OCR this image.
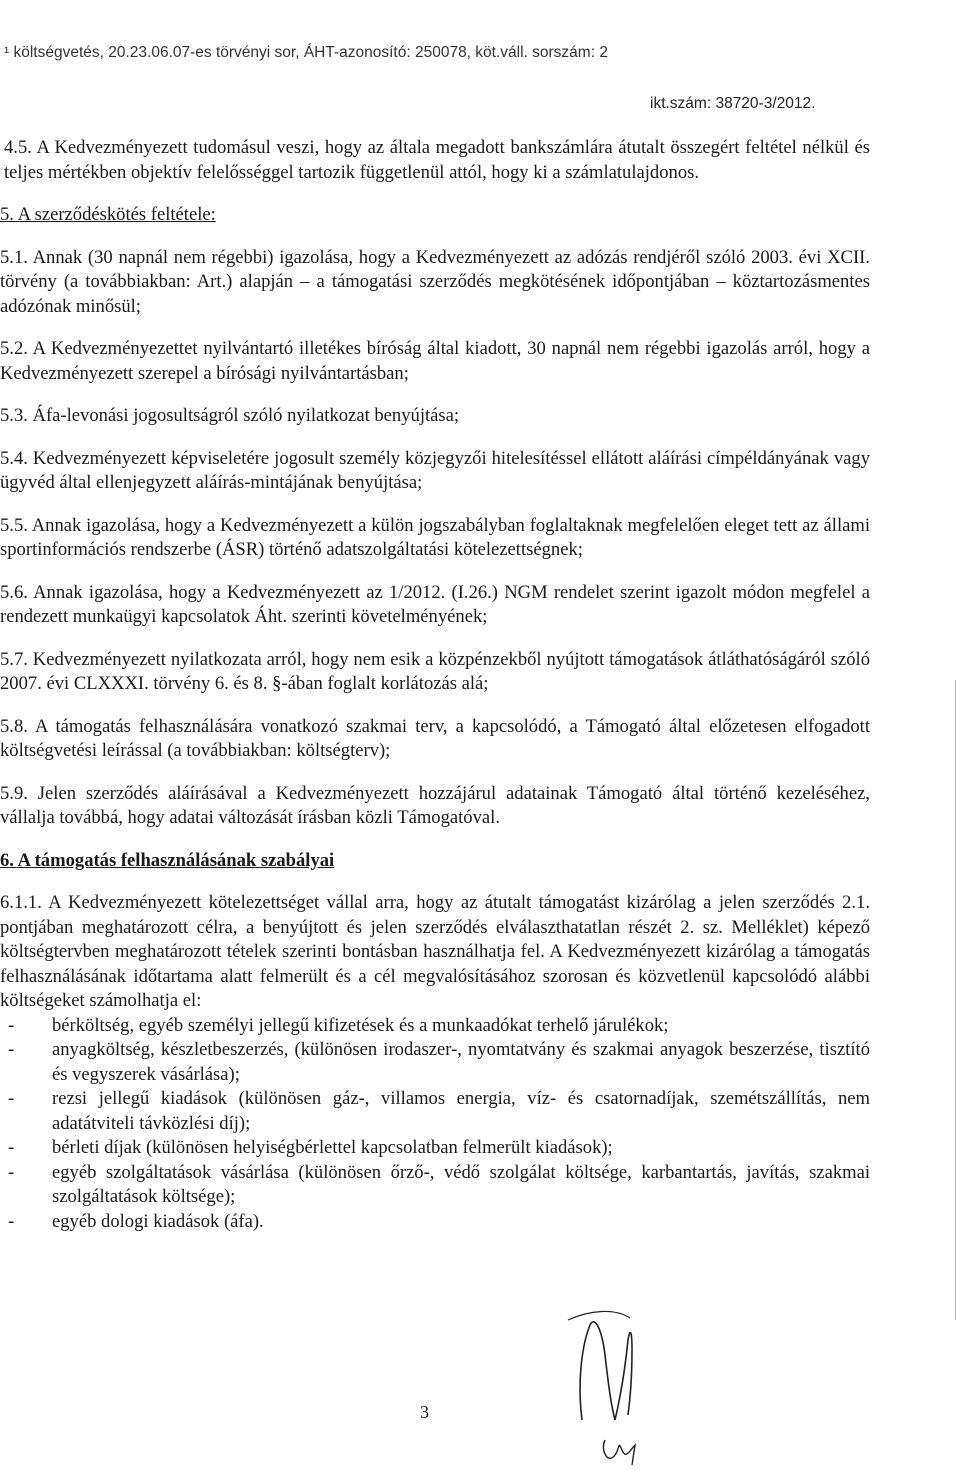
¹ költségvetés, 20.23.06.07-es törvényi sor, ÁHT-azonosító: 250078, köt.váll. sorszám: 2
ikt.szám: 38720-3/2012.

4.5. A Kedvezményezett tudomásul veszi, hogy az általa megadott bankszámlára átutalt összegért feltétel nélkül és teljes mértékben objektív felelősséggel tartozik függetlenül attól, hogy ki a számlatulajdonos.

5. A szerződéskötés feltétele:

5.1. Annak (30 napnál nem régebbi) igazolása, hogy a Kedvezményezett az adózás rendjéről szóló 2003. évi XCII. törvény (a továbbiakban: Art.) alapján – a támogatási szerződés megkötésének időpontjában – köztartozásmentes adózónak minősül;

5.2. A Kedvezményezettet nyilvántartó illetékes bíróság által kiadott, 30 napnál nem régebbi igazolás arról, hogy a Kedvezményezett szerepel a bírósági nyilvántartásban;

5.3. Áfa-levonási jogosultságról szóló nyilatkozat benyújtása;

5.4. Kedvezményezett képviseletére jogosult személy közjegyzői hitelesítéssel ellátott aláírási címpéldányának vagy ügyvéd által ellenjegyzett aláírás-mintájának benyújtása;

5.5. Annak igazolása, hogy a Kedvezményezett a külön jogszabályban foglaltaknak megfelelően eleget tett az állami sportinformációs rendszerbe (ÁSR) történő adatszolgáltatási kötelezettségnek;

5.6. Annak igazolása, hogy a Kedvezményezett az 1/2012. (I.26.) NGM rendelet szerint igazolt módon megfelel a rendezett munkaügyi kapcsolatok Áht. szerinti követelményének;

5.7. Kedvezményezett nyilatkozata arról, hogy nem esik a közpénzekből nyújtott támogatások átláthatóságáról szóló 2007. évi CLXXXI. törvény 6. és 8. §-ában foglalt korlátozás alá;

5.8. A támogatás felhasználására vonatkozó szakmai terv, a kapcsolódó, a Támogató által előzetesen elfogadott költségvetési leírással (a továbbiakban: költségterv);

5.9. Jelen szerződés aláírásával a Kedvezményezett hozzájárul adatainak Támogató által történő kezeléséhez, vállalja továbbá, hogy adatai változását írásban közli Támogatóval.

6. A támogatás felhasználásának szabályai

6.1.1. A Kedvezményezett kötelezettséget vállal arra, hogy az átutalt támogatást kizárólag a jelen szerződés 2.1. pontjában meghatározott célra, a benyújtott és jelen szerződés elválaszthatatlan részét 2. sz. Melléklet) képező költségtervben meghatározott tételek szerinti bontásban használhatja fel. A Kedvezményezett kizárólag a támogatás felhasználásának időtartama alatt felmerült és a cél megvalósításához szorosan és közvetlenül kapcsolódó alábbi költségeket számolhatja el:

- bérköltség, egyéb személyi jellegű kifizetések és a munkaadókat terhelő járulékok;
- anyagköltség, készletbeszerzés, (különösen irodaszer-, nyomtatvány és szakmai anyagok beszerzése, tisztító és vegyszerek vásárlása);
- rezsi jellegű kiadások (különösen gáz-, villamos energia, víz- és csatornadíjak, szemétszállítás, nem adatátviteli távközlési díj);
- bérleti díjak (különösen helyiségbérlettel kapcsolatban felmerült kiadások);
- egyéb szolgáltatások vásárlása (különösen őrző-, védő szolgálat költsége, karbantartás, javítás, szakmai szolgáltatások költsége);
- egyéb dologi kiadások (áfa).
3
